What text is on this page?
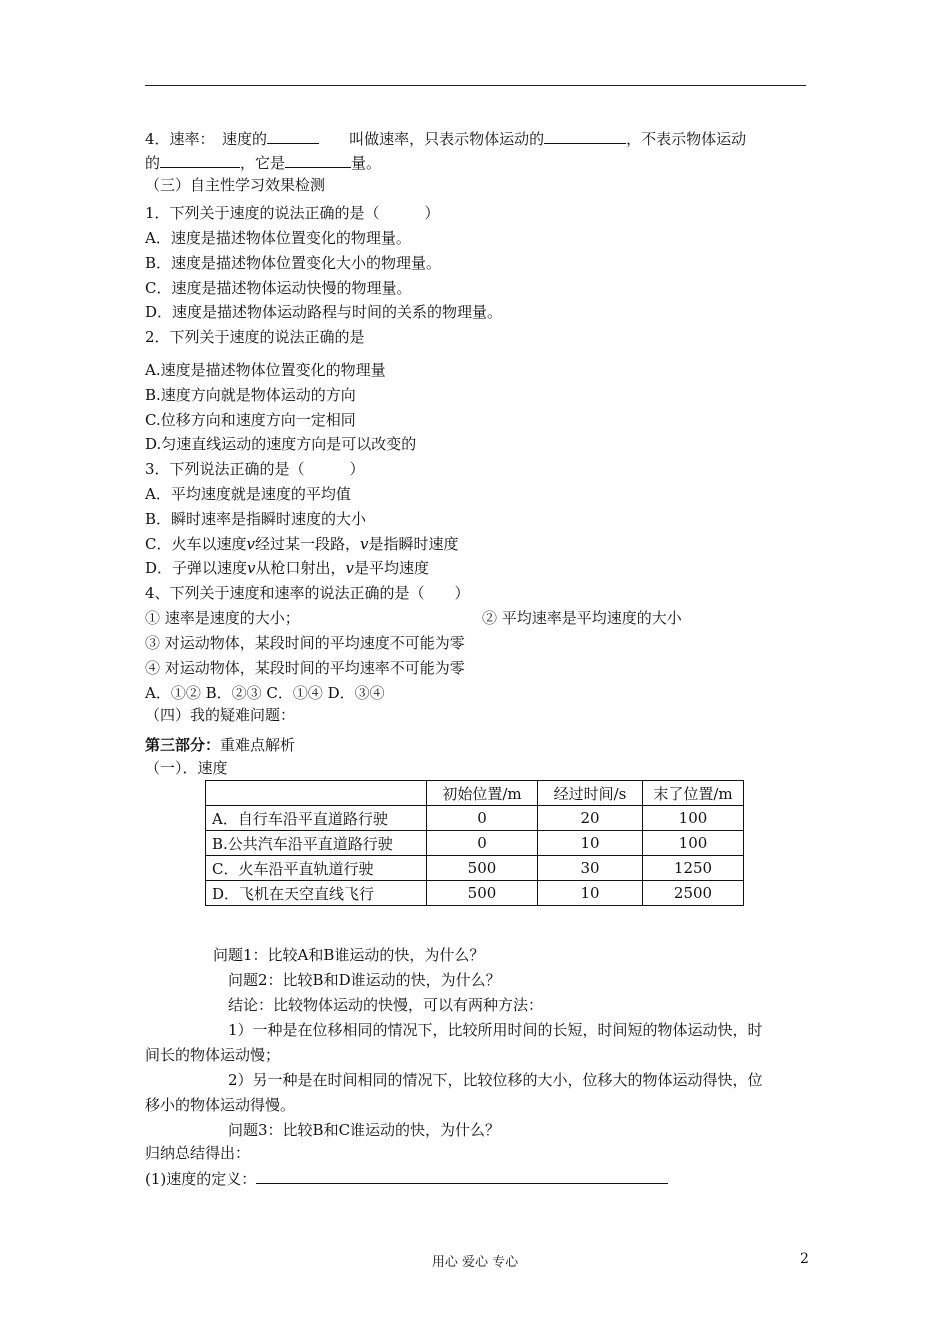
4．速率：　速度的　　	叫做速率，只表示物体运动的	，不表示物体运动
的	，它是	量。
（三）自主性学习效果检测
1．下列关于速度的说法正确的是（　　　）
A．速度是描述物体位置变化的物理量。
B．速度是描述物体位置变化大小的物理量。
C．速度是描述物体运动快慢的物理量。
D．速度是描述物体运动路程与时间的关系的物理量。
2．下列关于速度的说法正确的是
A.速度是描述物体位置变化的物理量
B.速度方向就是物体运动的方向
C.位移方向和速度方向一定相同
D.匀速直线运动的速度方向是可以改变的
3．下列说法正确的是（　　　）
A．平均速度就是速度的平均值
B．瞬时速率是指瞬时速度的大小
C．火车以速度v经过某一段路，v是指瞬时速度
D．子弹以速度v从枪口射出，v是平均速度
4、下列关于速度和速率的说法正确的是（　　）
① 速率是速度的大小；	② 平均速率是平均速度的大小
③ 对运动物体，某段时间的平均速度不可能为零
④ 对运动物体，某段时间的平均速率不可能为零
A．①② B．②③ C．①④ D．③④
（四）我的疑难问题：
第三部分：重难点解析
（一）．速度
	初始位置/m	经过时间/s	末了位置/m
A．自行车沿平直道路行驶	0	20	100
B.公共汽车沿平直道路行驶	0	10	100
C．火车沿平直轨道行驶	500	30	1250
D．飞机在天空直线飞行	500	10	2500
问题1：比较A和B谁运动的快，为什么？
问题2：比较B和D谁运动的快，为什么？
结论：比较物体运动的快慢，可以有两种方法：
1）一种是在位移相同的情况下，比较所用时间的长短，时间短的物体运动快，时
间长的物体运动慢；
2）另一种是在时间相同的情况下，比较位移的大小，位移大的物体运动得快，位
移小的物体运动得慢。
问题3：比较B和C谁运动的快，为什么？
归纳总结得出：
(1)速度的定义：
用心 爱心 专心	2
